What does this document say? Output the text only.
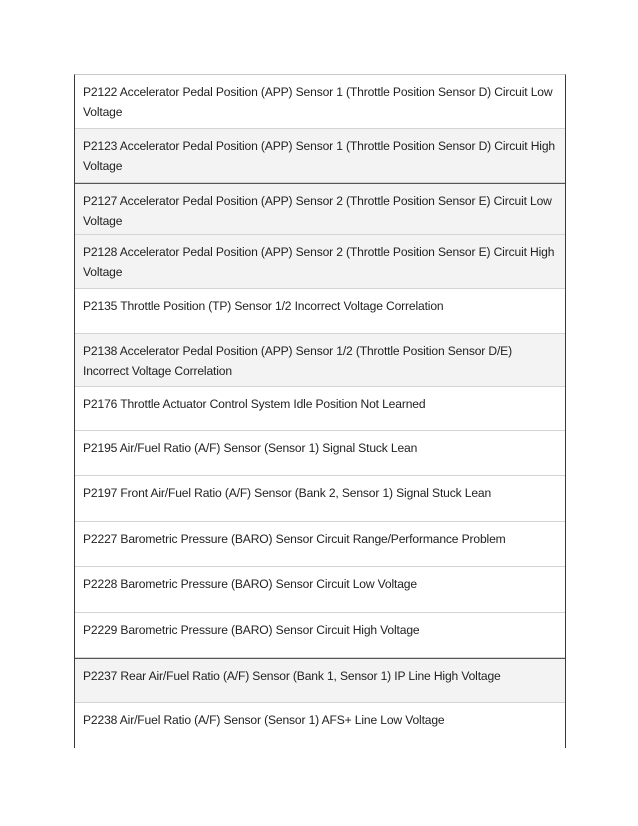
P2122 Accelerator Pedal Position (APP) Sensor 1 (Throttle Position Sensor D) Circuit Low Voltage
P2123 Accelerator Pedal Position (APP) Sensor 1 (Throttle Position Sensor D) Circuit High Voltage
P2127 Accelerator Pedal Position (APP) Sensor 2 (Throttle Position Sensor E) Circuit Low Voltage
P2128 Accelerator Pedal Position (APP) Sensor 2 (Throttle Position Sensor E) Circuit High Voltage
P2135 Throttle Position (TP) Sensor 1/2 Incorrect Voltage Correlation
P2138 Accelerator Pedal Position (APP) Sensor 1/2 (Throttle Position Sensor D/E) Incorrect Voltage Correlation
P2176 Throttle Actuator Control System Idle Position Not Learned
P2195 Air/Fuel Ratio (A/F) Sensor (Sensor 1) Signal Stuck Lean
P2197 Front Air/Fuel Ratio (A/F) Sensor (Bank 2, Sensor 1) Signal Stuck Lean
P2227 Barometric Pressure (BARO) Sensor Circuit Range/Performance Problem
P2228 Barometric Pressure (BARO) Sensor Circuit Low Voltage
P2229 Barometric Pressure (BARO) Sensor Circuit High Voltage
P2237 Rear Air/Fuel Ratio (A/F) Sensor (Bank 1, Sensor 1) IP Line High Voltage
P2238 Air/Fuel Ratio (A/F) Sensor (Sensor 1) AFS+ Line Low Voltage
